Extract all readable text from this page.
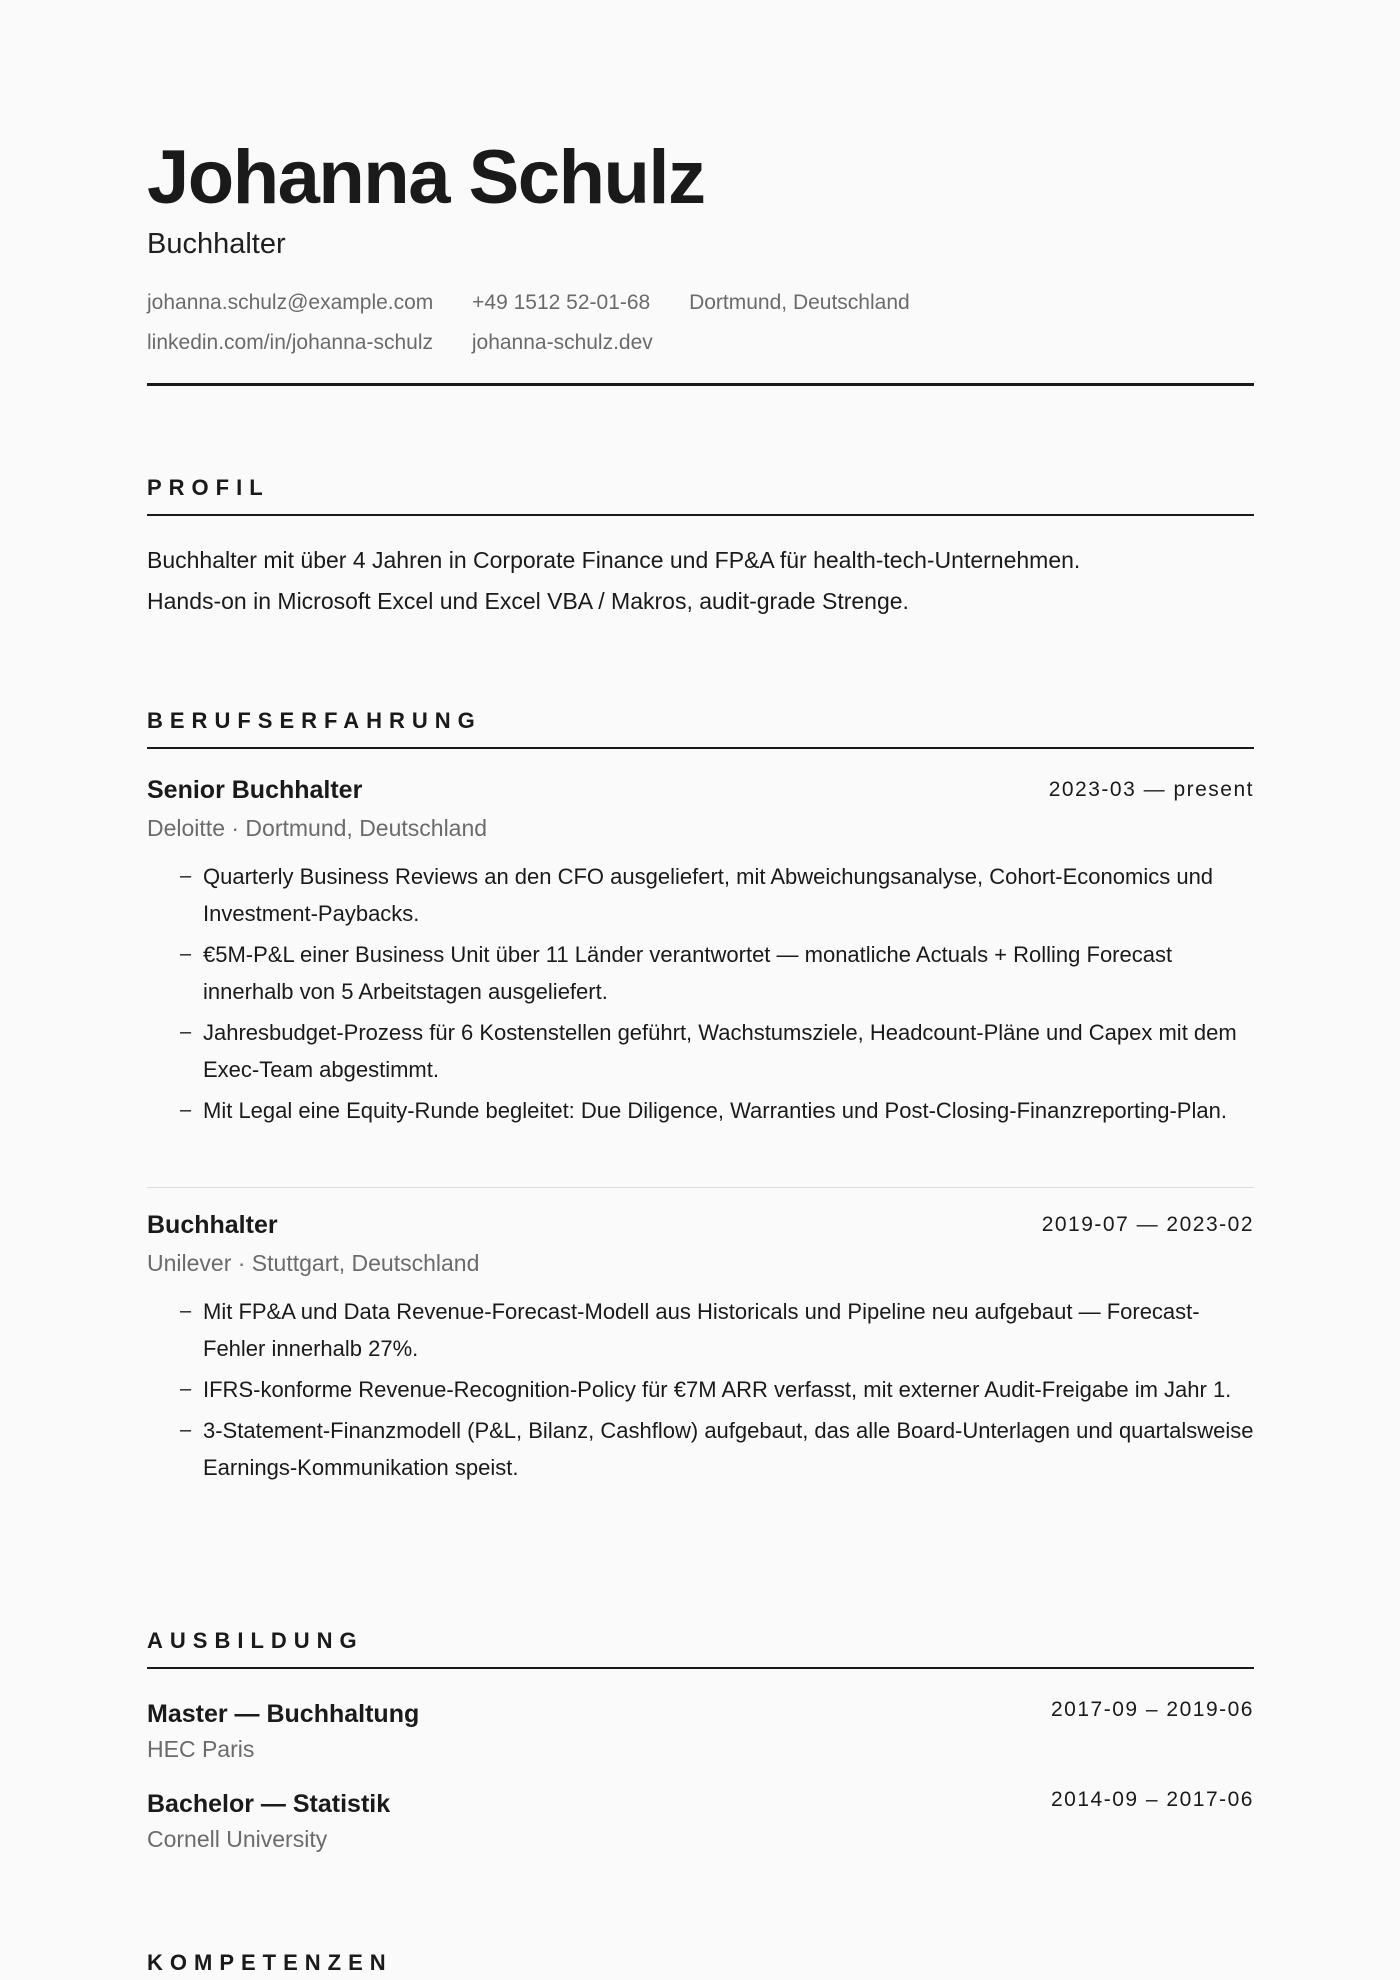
Johanna Schulz
Buchhalter
johanna.schulz@example.com +49 1512 52-01-68 Dortmund, Deutschland
linkedin.com/in/johanna-schulz johanna-schulz.dev
PROFIL
Buchhalter mit über 4 Jahren in Corporate Finance und FP&A für health-tech-Unternehmen.
Hands-on in Microsoft Excel und Excel VBA / Makros, audit-grade Strenge.
BERUFSERFAHRUNG
Senior Buchhalter	2023-03 — present
Deloitte · Dortmund, Deutschland
– Quarterly Business Reviews an den CFO ausgeliefert, mit Abweichungsanalyse, Cohort-Economics und Investment-Paybacks.
– €5M-P&L einer Business Unit über 11 Länder verantwortet — monatliche Actuals + Rolling Forecast innerhalb von 5 Arbeitstagen ausgeliefert.
– Jahresbudget-Prozess für 6 Kostenstellen geführt, Wachstumsziele, Headcount-Pläne und Capex mit dem Exec-Team abgestimmt.
– Mit Legal eine Equity-Runde begleitet: Due Diligence, Warranties und Post-Closing-Finanzreporting-Plan.
Buchhalter	2019-07 — 2023-02
Unilever · Stuttgart, Deutschland
– Mit FP&A und Data Revenue-Forecast-Modell aus Historicals und Pipeline neu aufgebaut — Forecast-Fehler innerhalb 27%.
– IFRS-konforme Revenue-Recognition-Policy für €7M ARR verfasst, mit externer Audit-Freigabe im Jahr 1.
– 3-Statement-Finanzmodell (P&L, Bilanz, Cashflow) aufgebaut, das alle Board-Unterlagen und quartalsweise Earnings-Kommunikation speist.
AUSBILDUNG
Master — Buchhaltung	2017-09 – 2019-06
HEC Paris
Bachelor — Statistik	2014-09 – 2017-06
Cornell University
KOMPETENZEN
